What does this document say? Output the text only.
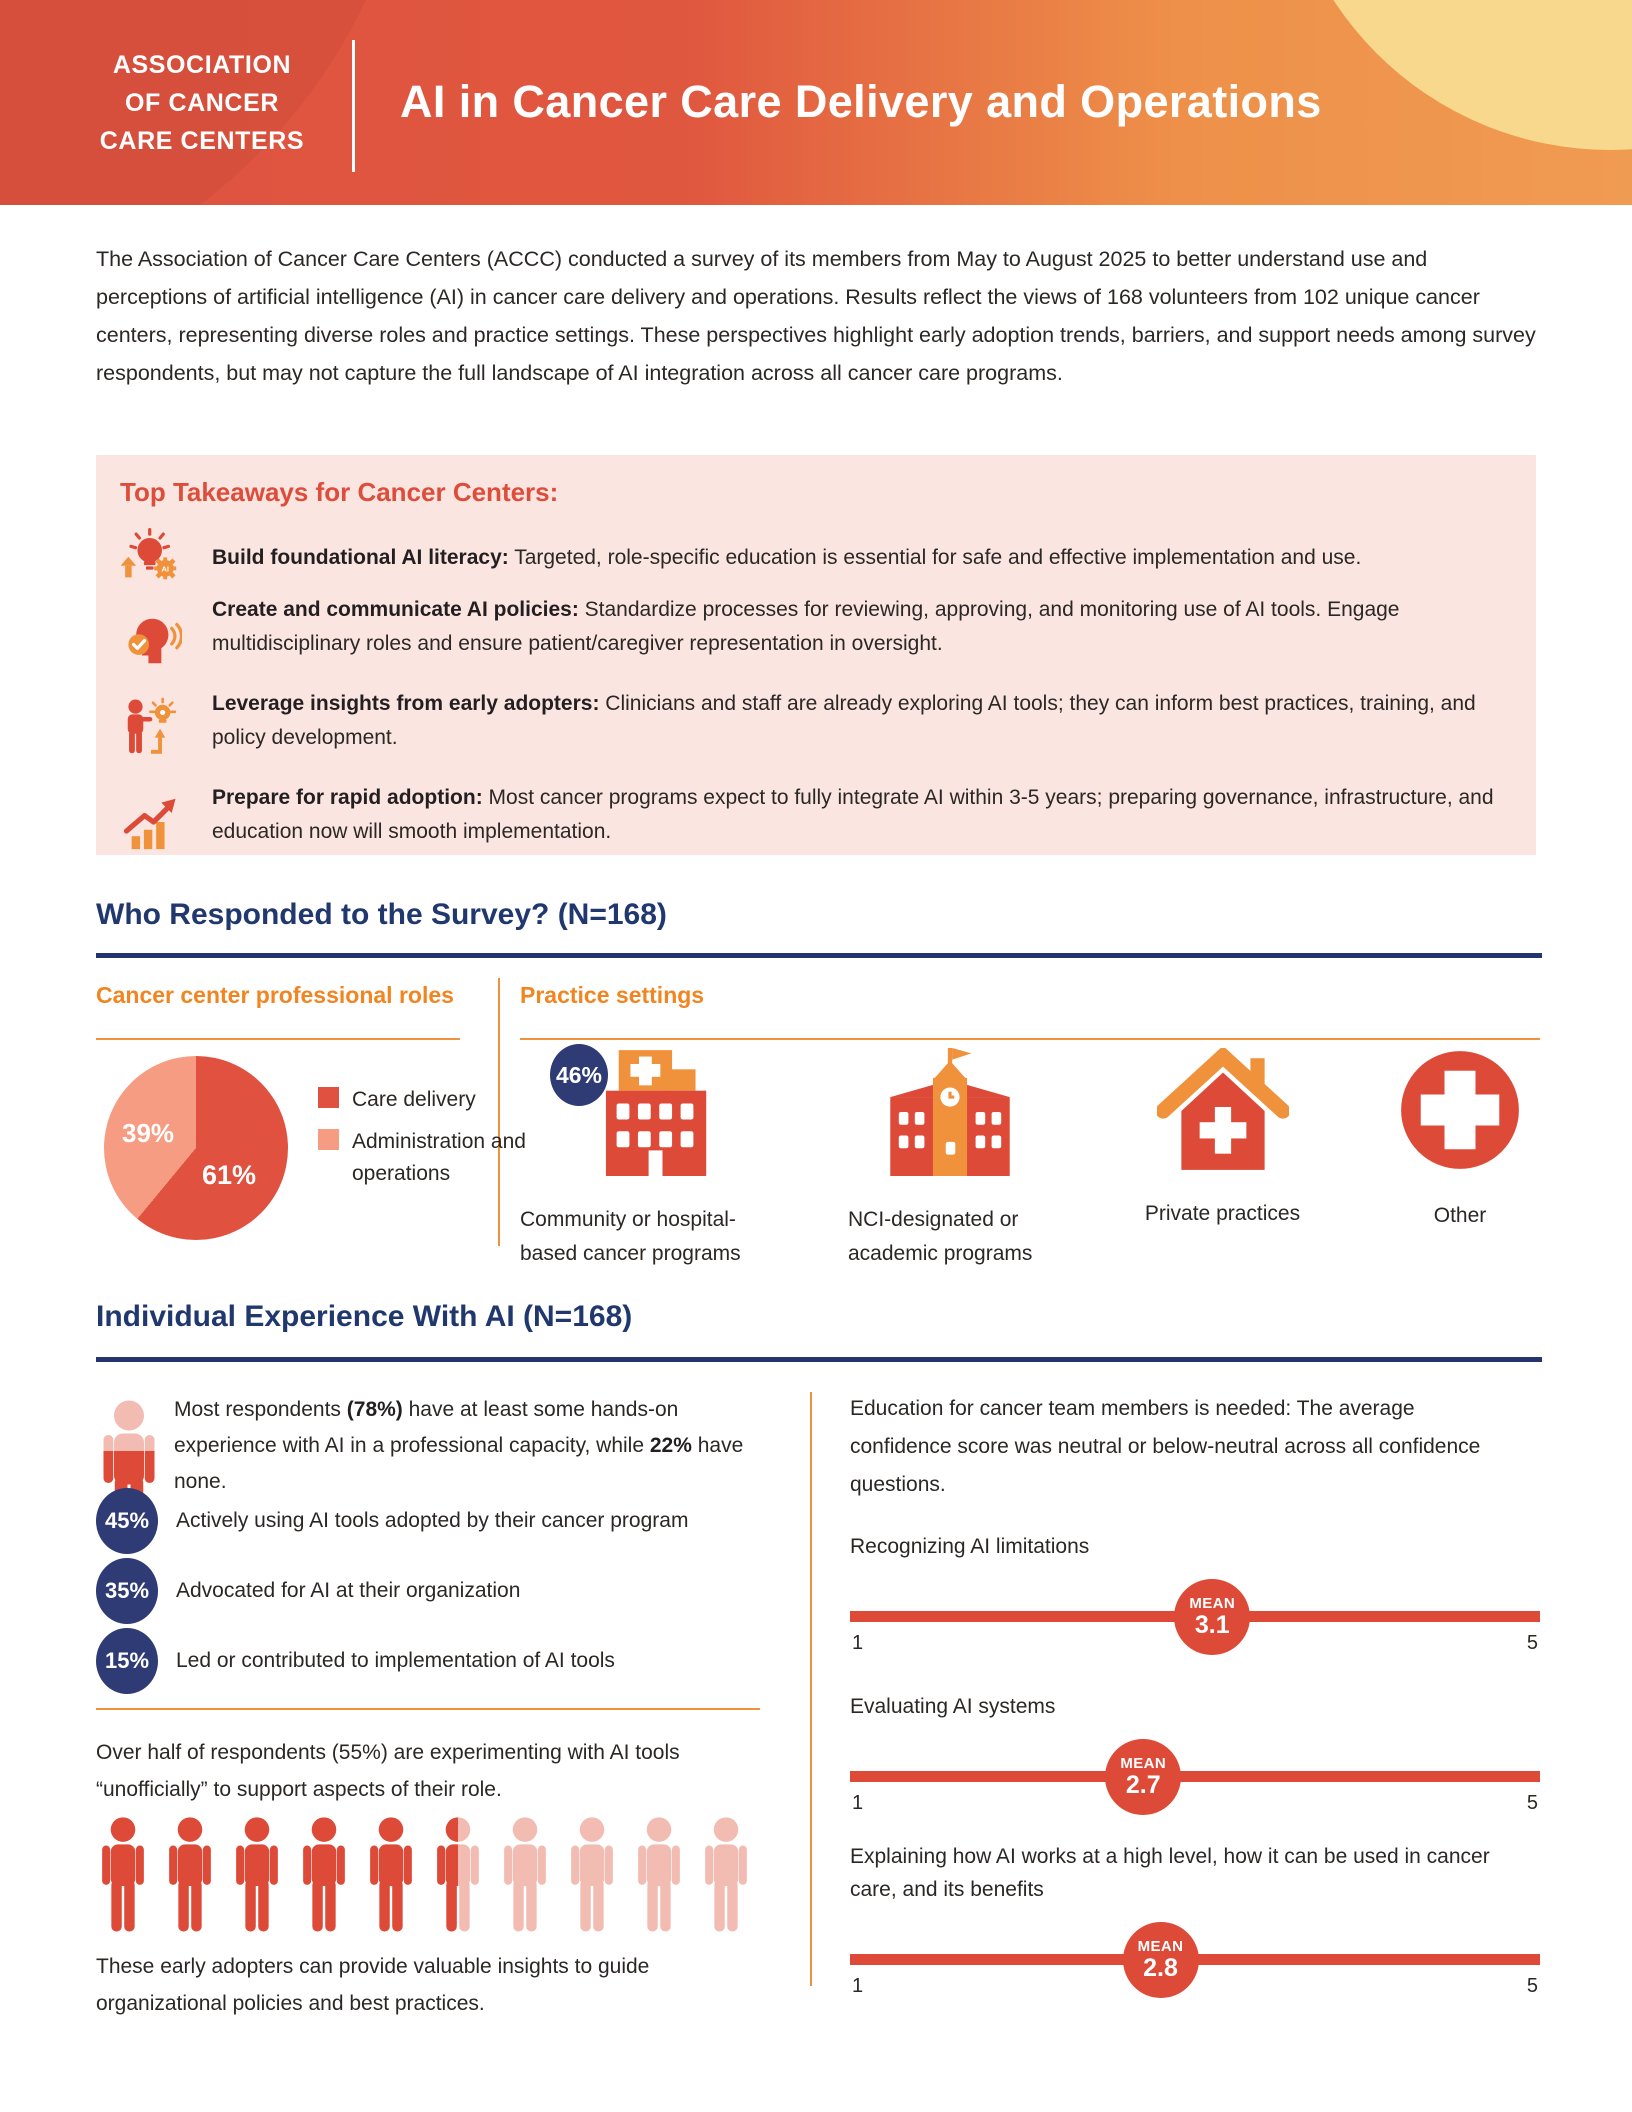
ASSOCIATION
OF CANCER
CARE CENTERS
AI in Cancer Care Delivery and Operations

The Association of Cancer Care Centers (ACCC) conducted a survey of its members from May to August 2025 to better understand use and perceptions of artificial intelligence (AI) in cancer care delivery and operations. Results reflect the views of 168 volunteers from 102 unique cancer centers, representing diverse roles and practice settings. These perspectives highlight early adoption trends, barriers, and support needs among survey respondents, but may not capture the full landscape of AI integration across all cancer care programs.

Top Takeaways for Cancer Centers:
AI
Build foundational AI literacy: Targeted, role-specific education is essential for safe and effective implementation and use.
Create and communicate AI policies: Standardize processes for reviewing, approving, and monitoring use of AI tools. Engage multidisciplinary roles and ensure patient/caregiver representation in oversight.
Leverage insights from early adopters: Clinicians and staff are already exploring AI tools; they can inform best practices, training, and policy development.
Prepare for rapid adoption: Most cancer programs expect to fully integrate AI within 3-5 years; preparing governance, infrastructure, and education now will smooth implementation.
Who Responded to the Survey? (N=168)
Cancer center professional roles	Practice settings
39%
61%
Care delivery
Administration and operations
46%
Community or hospital-based cancer programs
NCI-designated or academic programs
Private practices	Other
Individual Experience With AI (N=168)

Most respondents (78%) have at least some hands-on experience with AI in a professional capacity, while 22% have none.

45%	Actively using AI tools adopted by their cancer program
35%	Advocated for AI at their organization
15%	Led or contributed to implementation of AI tools

Over half of respondents (55%) are experimenting with AI tools “unofficially” to support aspects of their role.

These early adopters can provide valuable insights to guide organizational policies and best practices.

Education for cancer team members is needed: The average confidence score was neutral or below-neutral across all confidence questions.

Recognizing AI limitations
MEAN
3.1
1	5
Evaluating AI systems
MEAN
2.7
1	5
Explaining how AI works at a high level, how it can be used in cancer care, and its benefits
MEAN
2.8
1	5
